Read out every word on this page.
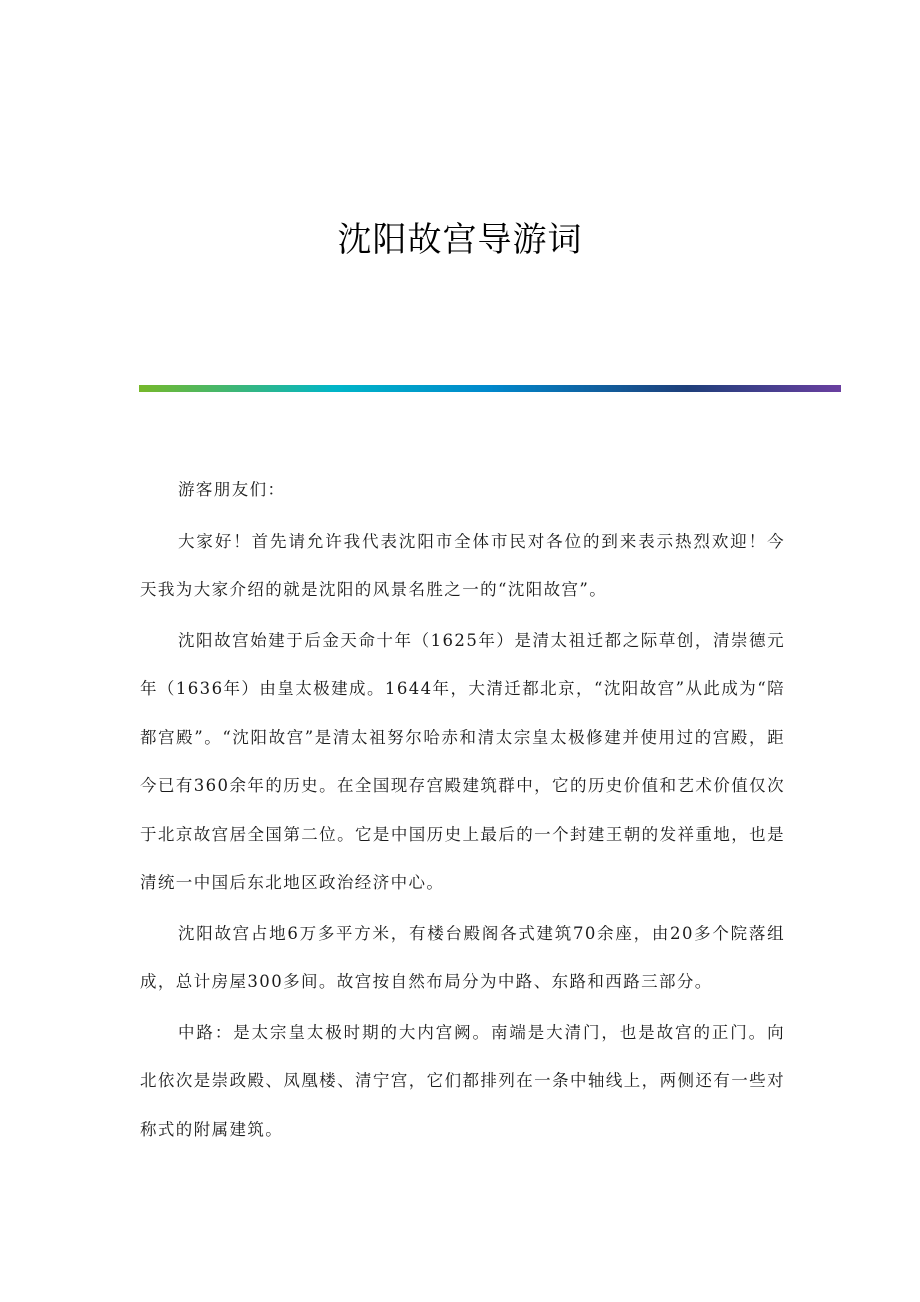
沈阳故宫导游词

游客朋友们：

大家好！首先请允许我代表沈阳市全体市民对各位的到来表示热烈欢迎！今天我为大家介绍的就是沈阳的风景名胜之一的“沈阳故宫”。

沈阳故宫始建于后金天命十年（1625年）是清太祖迁都之际草创，清崇德元年（1636年）由皇太极建成。1644年，大清迁都北京，“沈阳故宫”从此成为“陪都宫殿”。“沈阳故宫”是清太祖努尔哈赤和清太宗皇太极修建并使用过的宫殿，距今已有360余年的历史。在全国现存宫殿建筑群中，它的历史价值和艺术价值仅次于北京故宫居全国第二位。它是中国历史上最后的一个封建王朝的发祥重地，也是清统一中国后东北地区政治经济中心。

沈阳故宫占地6万多平方米，有楼台殿阁各式建筑70余座，由20多个院落组成，总计房屋300多间。故宫按自然布局分为中路、东路和西路三部分。

中路：是太宗皇太极时期的大内宫阙。南端是大清门，也是故宫的正门。向北依次是崇政殿、凤凰楼、清宁宫，它们都排列在一条中轴线上，两侧还有一些对称式的附属建筑。
